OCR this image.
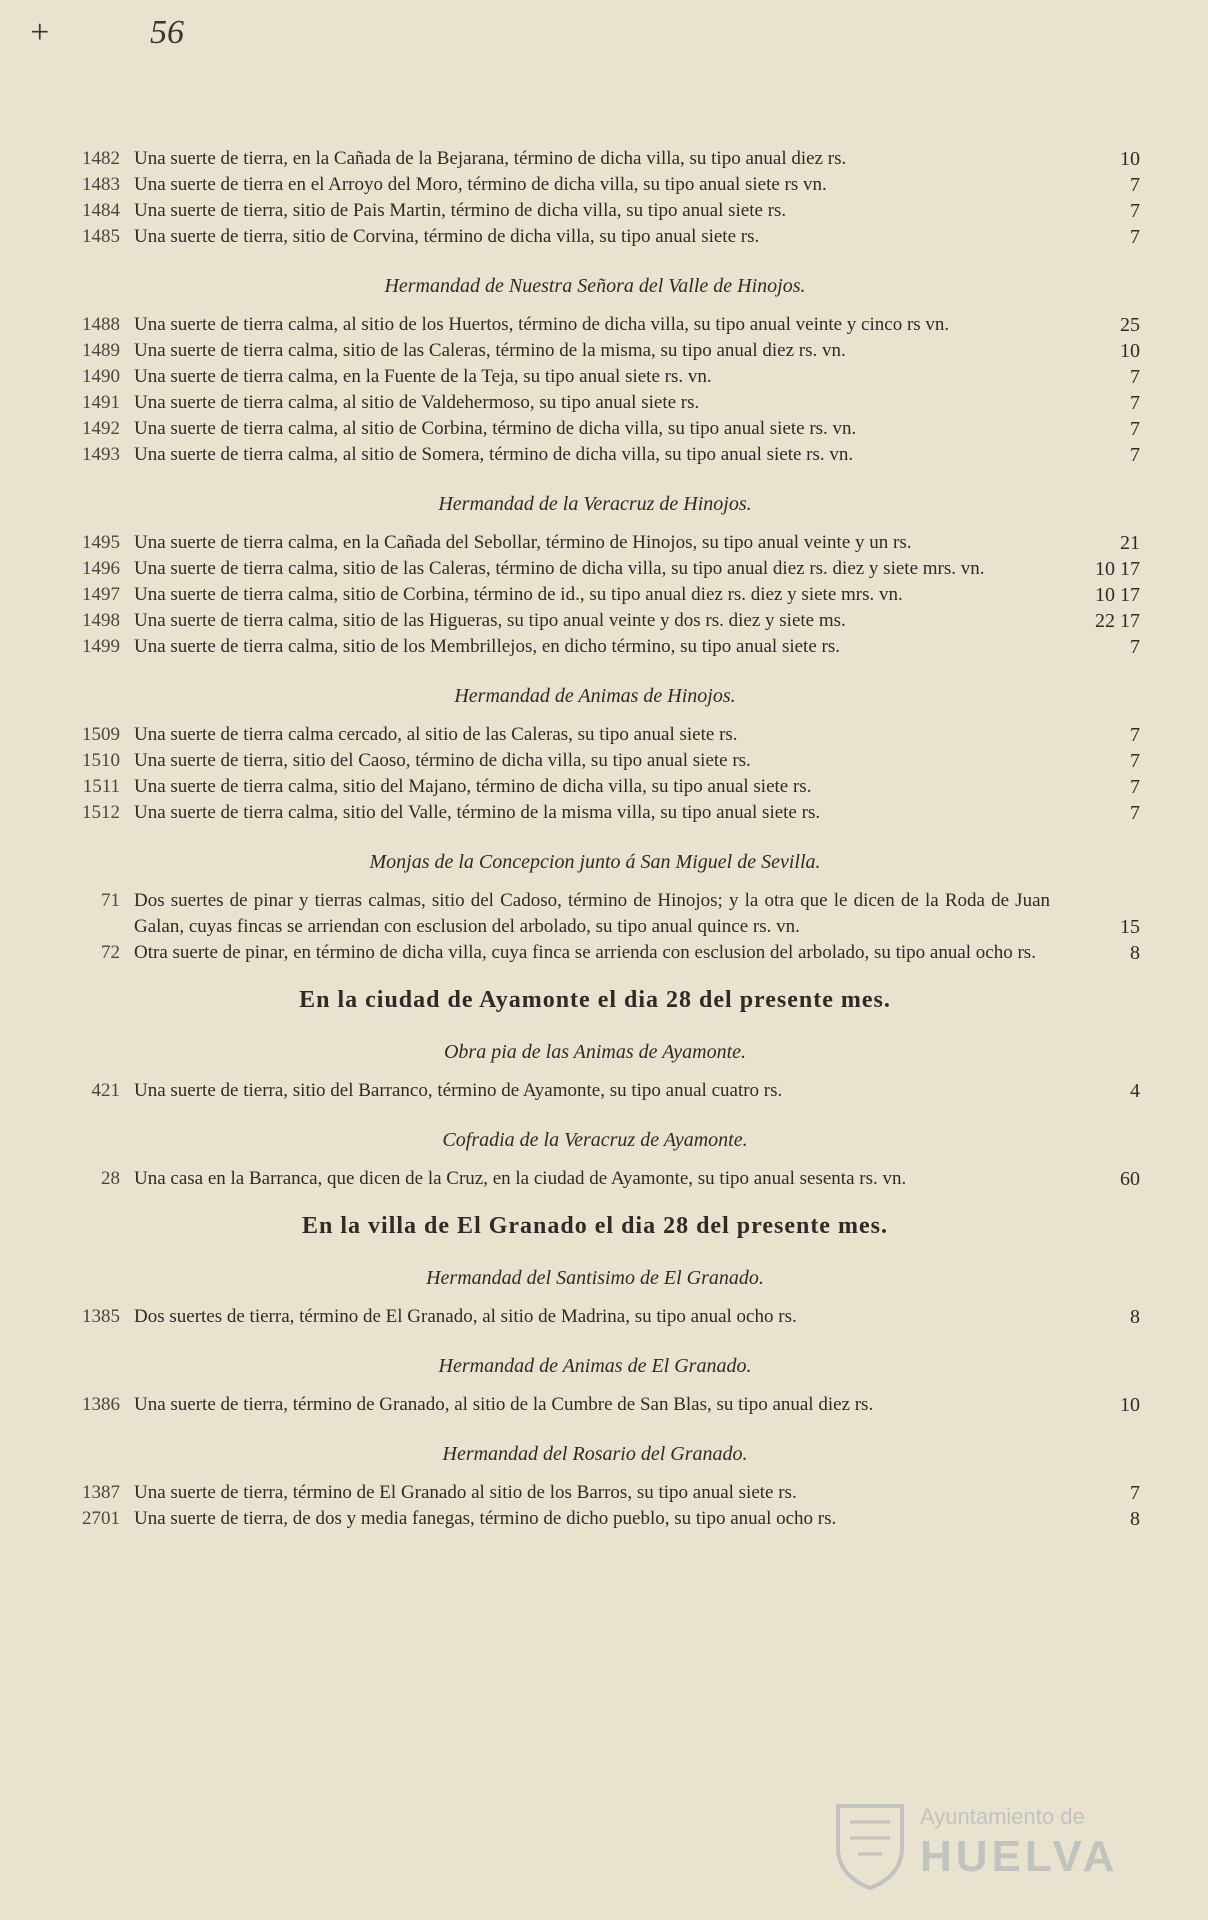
+	56
1482 Una suerte de tierra, en la Cañada de la Bejarana, término de dicha villa, su tipo anual diez rs.	10
1483 Una suerte de tierra en el Arroyo del Moro, término de dicha villa, su tipo anual siete rs vn.	7
1484 Una suerte de tierra, sitio de Pais Martin, término de dicha villa, su tipo anual siete rs.	7
1485 Una suerte de tierra, sitio de Corvina, término de dicha villa, su tipo anual siete rs.	7
Hermandad de Nuestra Señora del Valle de Hinojos.
1488 Una suerte de tierra calma, al sitio de los Huertos, término de dicha villa, su tipo anual veinte y cinco rs vn.	25
1489 Una suerte de tierra calma, sitio de las Caleras, término de la misma, su tipo anual diez rs. vn.	10
1490 Una suerte de tierra calma, en la Fuente de la Teja, su tipo anual siete rs. vn.	7
1491 Una suerte de tierra calma, al sitio de Valdehermoso, su tipo anual siete rs.	7
1492 Una suerte de tierra calma, al sitio de Corbina, término de dicha villa, su tipo anual siete rs. vn.	7
1493 Una suerte de tierra calma, al sitio de Somera, término de dicha villa, su tipo anual siete rs. vn.	7
Hermandad de la Veracruz de Hinojos.
1495 Una suerte de tierra calma, en la Cañada del Sebollar, término de Hinojos, su tipo anual veinte y un rs.	21
1496 Una suerte de tierra calma, sitio de las Caleras, término de dicha villa, su tipo anual diez rs. diez y siete mrs. vn.	10 17
1497 Una suerte de tierra calma, sitio de Corbina, término de id., su tipo anual diez rs. diez y siete mrs. vn.	10 17
1498 Una suerte de tierra calma, sitio de las Higueras, su tipo anual veinte y dos rs. diez y siete ms.	22 17
1499 Una suerte de tierra calma, sitio de los Membrillejos, en dicho término, su tipo anual siete rs.	7
Hermandad de Animas de Hinojos.
1509 Una suerte de tierra calma cercado, al sitio de las Caleras, su tipo anual siete rs.	7
1510 Una suerte de tierra, sitio del Caoso, término de dicha villa, su tipo anual siete rs.	7
1511 Una suerte de tierra calma, sitio del Majano, término de dicha villa, su tipo anual siete rs.	7
1512 Una suerte de tierra calma, sitio del Valle, término de la misma villa, su tipo anual siete rs.	7
Monjas de la Concepcion junto á San Miguel de Sevilla.
71 Dos suertes de pinar y tierras calmas, sitio del Cadoso, término de Hinojos; y la otra que le dicen de la Roda de Juan Galan, cuyas fincas se arriendan con esclusion del arbolado, su tipo anual quince rs. vn.	15
72 Otra suerte de pinar, en término de dicha villa, cuya finca se arrienda con esclusion del arbolado, su tipo anual ocho rs.	8
En la ciudad de Ayamonte el dia 28 del presente mes.
Obra pia de las Animas de Ayamonte.
421 Una suerte de tierra, sitio del Barranco, término de Ayamonte, su tipo anual cuatro rs.	4
Cofradia de la Veracruz de Ayamonte.
28 Una casa en la Barranca, que dicen de la Cruz, en la ciudad de Ayamonte, su tipo anual sesenta rs. vn.	60
En la villa de El Granado el dia 28 del presente mes.
Hermandad del Santisimo de El Granado.
1385 Dos suertes de tierra, término de El Granado, al sitio de Madrina, su tipo anual ocho rs.	8
Hermandad de Animas de El Granado.
1386 Una suerte de tierra, término de Granado, al sitio de la Cumbre de San Blas, su tipo anual diez rs.	10
Hermandad del Rosario del Granado.
1387 Una suerte de tierra, término de El Granado al sitio de los Barros, su tipo anual siete rs.	7
2701 Una suerte de tierra, de dos y media fanegas, término de dicho pueblo, su tipo anual ocho rs.	8
Ayuntamiento de
HUELVA
